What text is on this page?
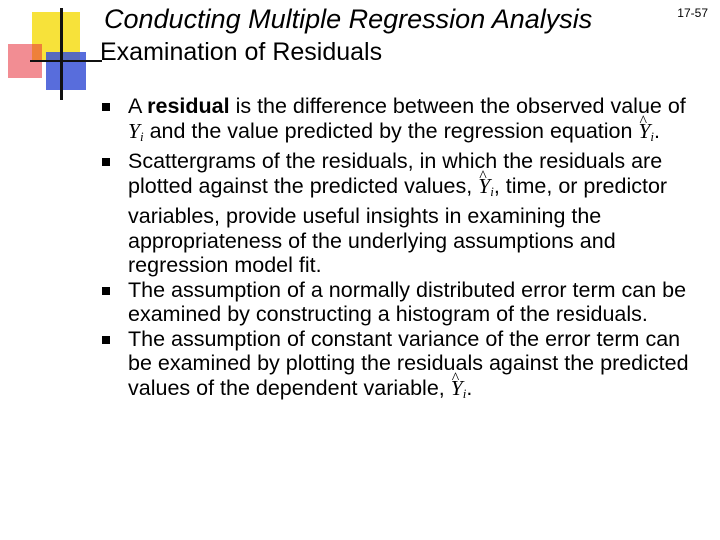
Conducting Multiple Regression Analysis
Examination of Residuals
17-57
A residual is the difference between the observed value of $Y_i$ and the value predicted by the regression equation ^ $Y_i$.
Scattergrams of the residuals, in which the residuals are plotted against the predicted values, ^ $Y_i$, time, or predictor variables, provide useful insights in examining the appropriateness of the underlying assumptions and regression model fit.
The assumption of a normally distributed error term can be examined by constructing a histogram of the residuals.
The assumption of constant variance of the error term can be examined by plotting the residuals against the predicted values of the dependent variable, ^ $Y_i$.
